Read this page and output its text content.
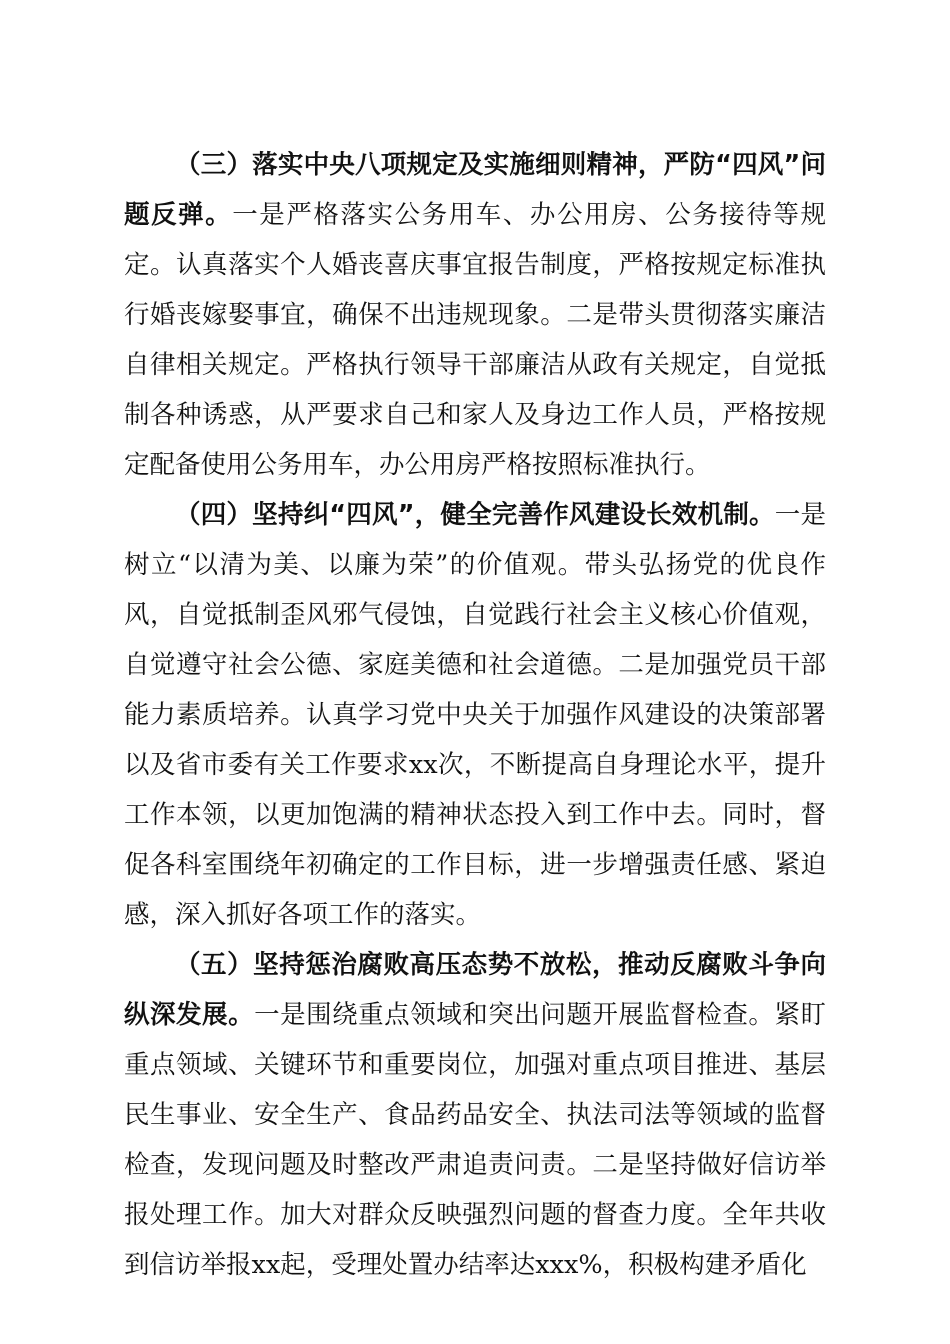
（三）落实中央八项规定及实施细则精神，严防“四风”问题反弹。一是严格落实公务用车、办公用房、公务接待等规定。认真落实个人婚丧喜庆事宜报告制度，严格按规定标准执行婚丧嫁娶事宜，确保不出违规现象。二是带头贯彻落实廉洁自律相关规定。严格执行领导干部廉洁从政有关规定，自觉抵制各种诱惑，从严要求自己和家人及身边工作人员，严格按规定配备使用公务用车，办公用房严格按照标准执行。

（四）坚持纠“四风”，健全完善作风建设长效机制。一是树立“以清为美、以廉为荣”的价值观。带头弘扬党的优良作风，自觉抵制歪风邪气侵蚀，自觉践行社会主义核心价值观，自觉遵守社会公德、家庭美德和社会道德。二是加强党员干部能力素质培养。认真学习党中央关于加强作风建设的决策部署以及省市委有关工作要求xx次，不断提高自身理论水平，提升工作本领，以更加饱满的精神状态投入到工作中去。同时，督促各科室围绕年初确定的工作目标，进一步增强责任感、紧迫感，深入抓好各项工作的落实。

（五）坚持惩治腐败高压态势不放松，推动反腐败斗争向纵深发展。一是围绕重点领域和突出问题开展监督检查。紧盯重点领域、关键环节和重要岗位，加强对重点项目推进、基层民生事业、安全生产、食品药品安全、执法司法等领域的监督检查，发现问题及时整改严肃追责问责。二是坚持做好信访举报处理工作。加大对群众反映强烈问题的督查力度。全年共收到信访举报xx起，受理处置办结率达xxx%，积极构建矛盾化
